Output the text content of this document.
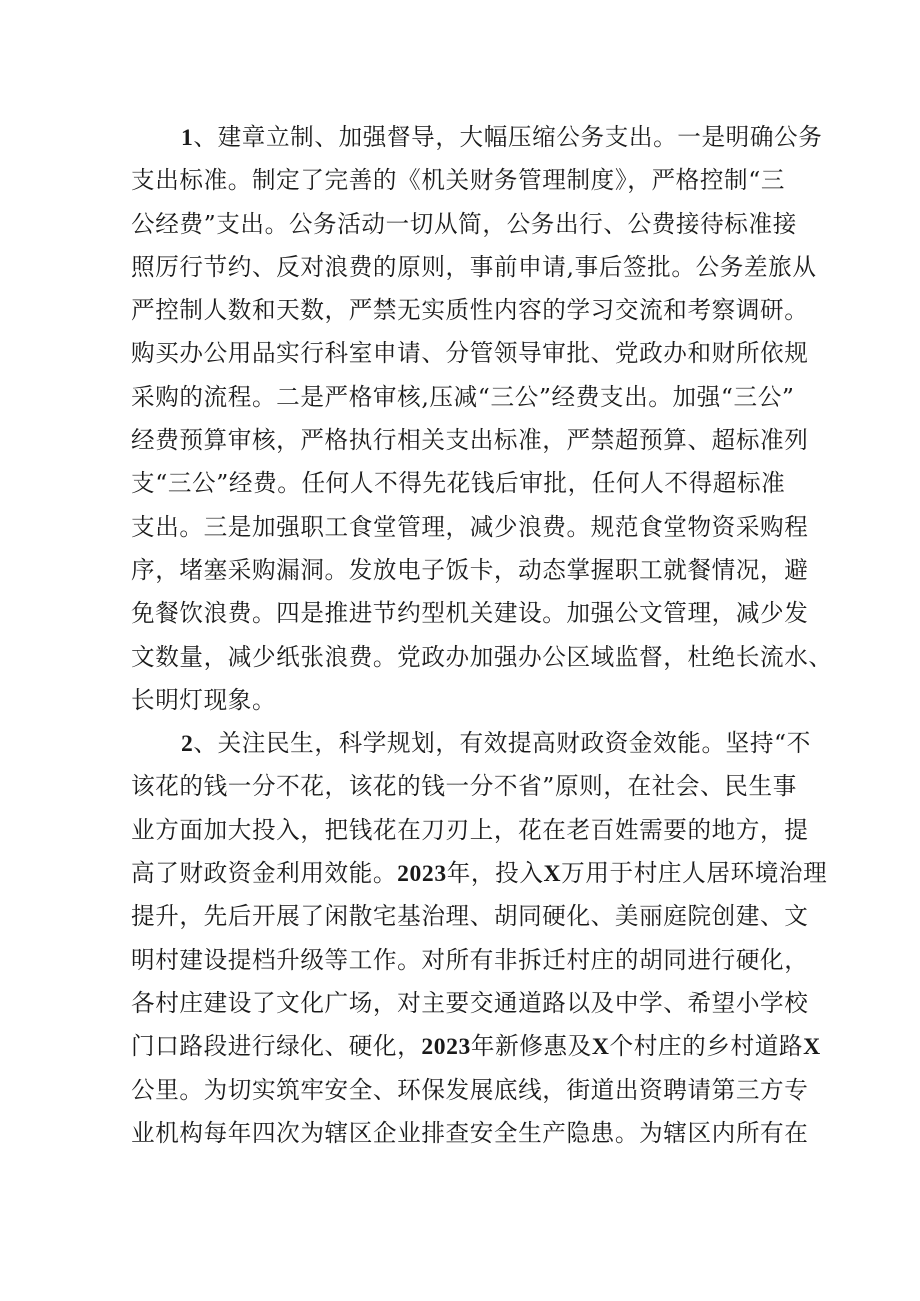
1、建章立制、加强督导，大幅压缩公务支出。一是明确公务
支出标准。制定了完善的《机关财务管理制度》，严格控制“三
公经费”支出。公务活动一切从简，公务出行、公费接待标准接
照厉行节约、反对浪费的原则，事前申请,事后签批。公务差旅从
严控制人数和天数，严禁无实质性内容的学习交流和考察调研。
购买办公用品实行科室申请、分管领导审批、党政办和财所依规
采购的流程。二是严格审核,压减“三公”经费支出。加强“三公”
经费预算审核，严格执行相关支出标准，严禁超预算、超标准列
支“三公”经费。任何人不得先花钱后审批，任何人不得超标准
支出。三是加强职工食堂管理，减少浪费。规范食堂物资采购程
序，堵塞采购漏洞。发放电子饭卡，动态掌握职工就餐情况，避
免餐饮浪费。四是推进节约型机关建设。加强公文管理，减少发
文数量，减少纸张浪费。党政办加强办公区域监督，杜绝长流水、
长明灯现象。
2、关注民生，科学规划，有效提高财政资金效能。坚持“不
该花的钱一分不花，该花的钱一分不省”原则，在社会、民生事
业方面加大投入，把钱花在刀刃上，花在老百姓需要的地方，提
高了财政资金利用效能。2023年，投入X万用于村庄人居环境治理
提升，先后开展了闲散宅基治理、胡同硬化、美丽庭院创建、文
明村建设提档升级等工作。对所有非拆迁村庄的胡同进行硬化，
各村庄建设了文化广场，对主要交通道路以及中学、希望小学校
门口路段进行绿化、硬化，2023年新修惠及X个村庄的乡村道路X
公里。为切实筑牢安全、环保发展底线，街道出资聘请第三方专
业机构每年四次为辖区企业排查安全生产隐患。为辖区内所有在
